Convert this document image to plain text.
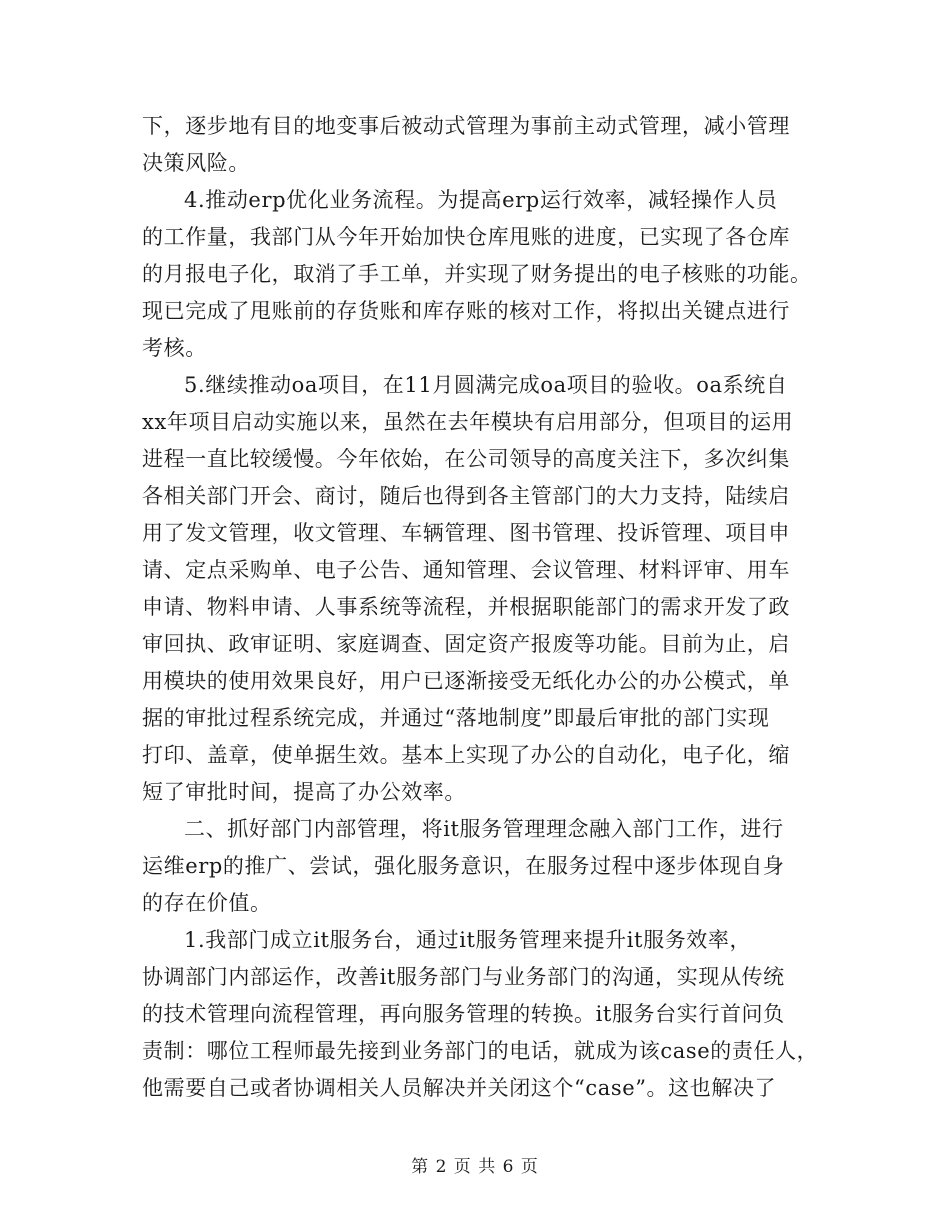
下，逐步地有目的地变事后被动式管理为事前主动式管理，减小管理
决策风险。
4.推动erp优化业务流程。为提高erp运行效率，减轻操作人员
的工作量，我部门从今年开始加快仓库甩账的进度，已实现了各仓库
的月报电子化，取消了手工单，并实现了财务提出的电子核账的功能。
现已完成了甩账前的存货账和库存账的核对工作，将拟出关键点进行
考核。
5.继续推动oa项目，在11月圆满完成oa项目的验收。oa系统自
xx年项目启动实施以来，虽然在去年模块有启用部分，但项目的运用
进程一直比较缓慢。今年依始，在公司领导的高度关注下，多次纠集
各相关部门开会、商讨，随后也得到各主管部门的大力支持，陆续启
用了发文管理，收文管理、车辆管理、图书管理、投诉管理、项目申
请、定点采购单、电子公告、通知管理、会议管理、材料评审、用车
申请、物料申请、人事系统等流程，并根据职能部门的需求开发了政
审回执、政审证明、家庭调查、固定资产报废等功能。目前为止，启
用模块的使用效果良好，用户已逐渐接受无纸化办公的办公模式，单
据的审批过程系统完成，并通过“落地制度”即最后审批的部门实现
打印、盖章，使单据生效。基本上实现了办公的自动化，电子化，缩
短了审批时间，提高了办公效率。
二、抓好部门内部管理，将it服务管理理念融入部门工作，进行
运维erp的推广、尝试，强化服务意识，在服务过程中逐步体现自身
的存在价值。
1.我部门成立it服务台，通过it服务管理来提升it服务效率，
协调部门内部运作，改善it服务部门与业务部门的沟通，实现从传统
的技术管理向流程管理，再向服务管理的转换。it服务台实行首问负
责制：哪位工程师最先接到业务部门的电话，就成为该case的责任人，
他需要自己或者协调相关人员解决并关闭这个“case”。这也解决了
第 2 页 共 6 页
